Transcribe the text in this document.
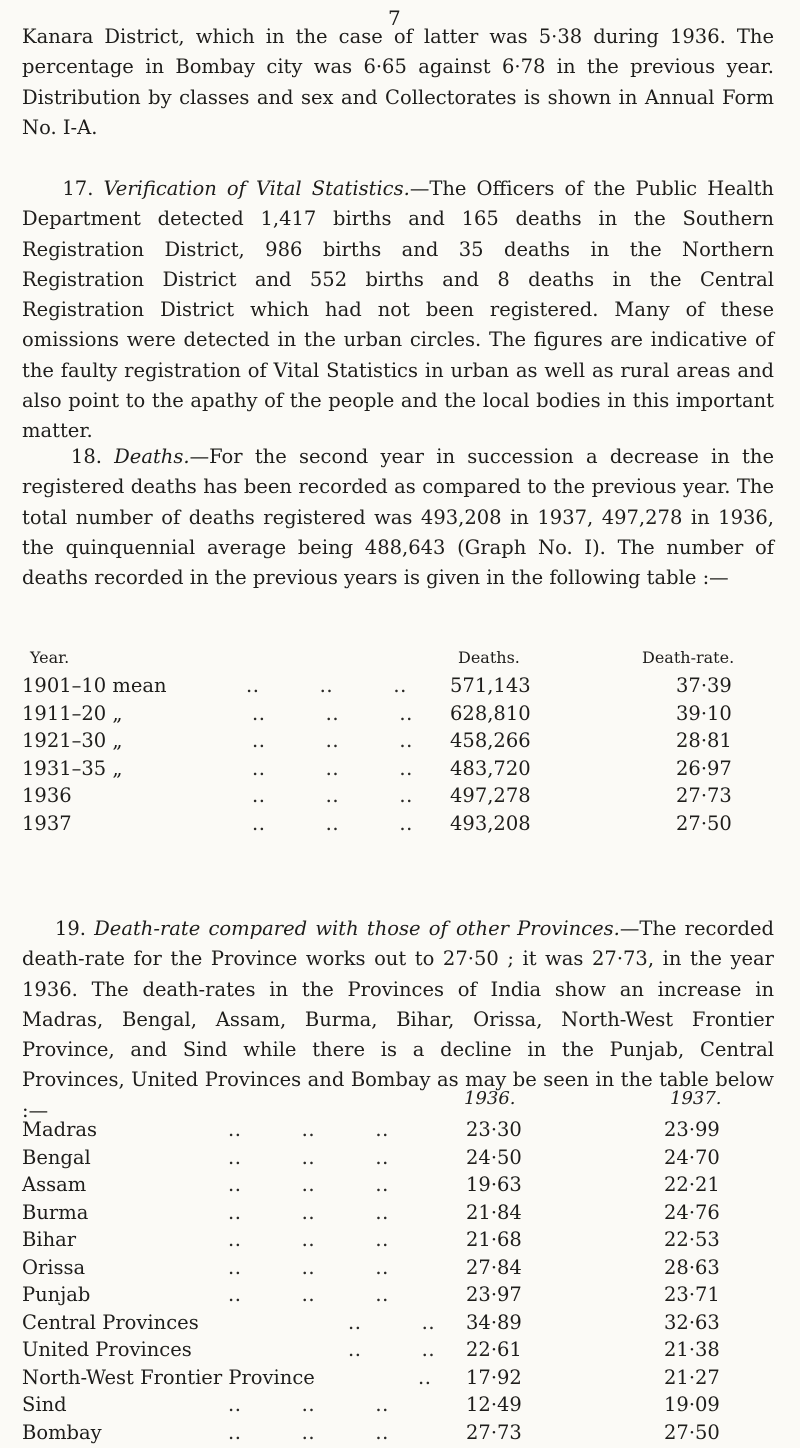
7

Kanara District, which in the case of latter was 5·38 during 1936. The percentage in Bombay city was 6·65 against 6·78 in the previous year. Distribution by classes and sex and Collectorates is shown in Annual Form No. I-A.

17. Verification of Vital Statistics.—The Officers of the Public Health Department detected 1,417 births and 165 deaths in the Southern Registration District, 986 births and 35 deaths in the Northern Registration District and 552 births and 8 deaths in the Central Registration District which had not been registered. Many of these omissions were detected in the urban circles. The figures are indicative of the faulty registration of Vital Statistics in urban as well as rural areas and also point to the apathy of the people and the local bodies in this important matter.

18. Deaths.—For the second year in succession a decrease in the registered deaths has been recorded as compared to the previous year. The total number of deaths registered was 493,208 in 1937, 497,278 in 1936, the quinquennial average being 488,643 (Graph No. I). The number of deaths recorded in the previous years is given in the following table :—

Year.	Deaths.	Death-rate.
1901–10 mean	..         ..         .. 571,143	37·39
1911–20 „	..         ..         .. 628,810	39·10
1921–30 „	..         ..         .. 458,266	28·81
1931–35 „	..         ..         .. 483,720	26·97
1936	..         ..         .. 497,278	27·73
1937	..         ..         .. 493,208	27·50

19. Death-rate compared with those of other Provinces.—The recorded death-rate for the Province works out to 27·50 ; it was 27·73, in the year 1936. The death-rates in the Provinces of India show an increase in Madras, Bengal, Assam, Burma, Bihar, Orissa, North-West Frontier Province, and Sind while there is a decline in the Punjab, Central Provinces, United Provinces and Bombay as may be seen in the table below :—

1936.	1937.
Madras	..         ..         ..	23·30	23·99
Bengal	..         ..         ..	24·50	24·70
Assam	..         ..         ..	19·63	22·21
Burma	..         ..         ..	21·84	24·76
Bihar	..         ..         ..	21·68	22·53
Orissa	..         ..         ..	27·84	28·63
Punjab	..         ..         ..	23·97	23·71
Central Provinces	..         .. 34·89	32·63
United Provinces	..         .. 22·61	21·38
North-West Frontier Province	.. 17·92	21·27
Sind	..         ..         ..	12·49	19·09
Bombay	..         ..         ..	27·73	27·50
